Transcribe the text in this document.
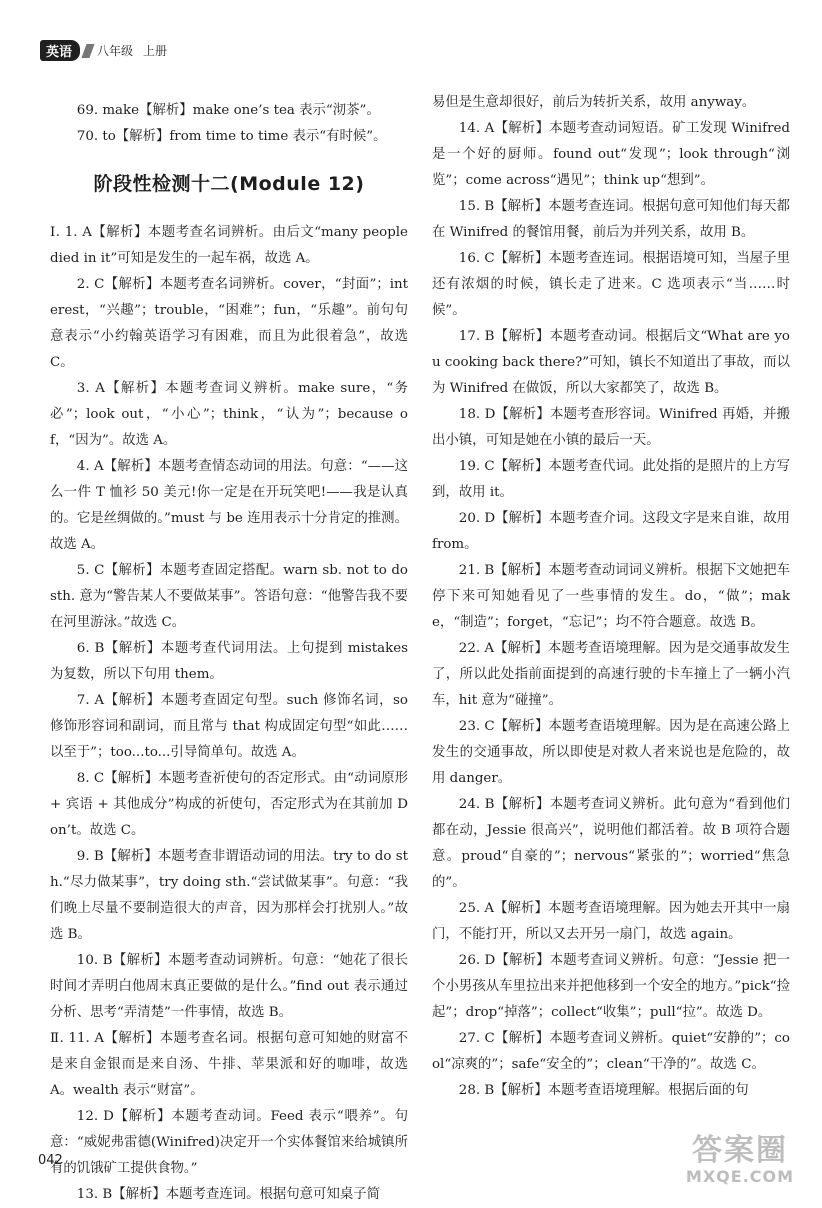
英语	八年级 上册

69. make【解析】make one’s tea 表示“沏茶”。

70. to【解析】from time to time 表示“有时候”。

阶段性检测十二(Module 12)

Ⅰ. 1. A【解析】本题考查名词辨析。由后文“many people died in it”可知是发生的一起车祸，故选 A。

2. C【解析】本题考查名词辨析。cover，“封面”；interest，“兴趣”；trouble，“困难”；fun，“乐趣”。前句句意表示“小约翰英语学习有困难，而且为此很着急”，故选 C。

3. A【解析】本题考查词义辨析。make sure，“务必”；look out，“小心”；think，“认为”；because of，“因为”。故选 A。

4. A【解析】本题考查情态动词的用法。句意：“——这么一件 T 恤衫 50 美元!你一定是在开玩笑吧!——我是认真的。它是丝绸做的。”must 与 be 连用表示十分肯定的推测。故选 A。

5. C【解析】本题考查固定搭配。warn sb. not to do sth. 意为“警告某人不要做某事”。答语句意：“他警告我不要在河里游泳。”故选 C。

6. B【解析】本题考查代词用法。上句提到 mistakes 为复数，所以下句用 them。

7. A【解析】本题考查固定句型。such 修饰名词，so 修饰形容词和副词，而且常与 that 构成固定句型“如此……以至于”；too...to...引导简单句。故选 A。

8. C【解析】本题考查祈使句的否定形式。由“动词原形 + 宾语 + 其他成分”构成的祈使句，否定形式为在其前加 Don’t。故选 C。

9. B【解析】本题考查非谓语动词的用法。try to do sth.“尽力做某事”，try doing sth.“尝试做某事”。句意：“我们晚上尽量不要制造很大的声音，因为那样会打扰别人。”故选 B。

10. B【解析】本题考查动词辨析。句意：“她花了很长时间才弄明白他周末真正要做的是什么。”find out 表示通过分析、思考“弄清楚”一件事情，故选 B。

Ⅱ. 11. A【解析】本题考查名词。根据句意可知她的财富不是来自金银而是来自汤、牛排、苹果派和好的咖啡，故选 A。wealth 表示“财富”。

12. D【解析】本题考查动词。Feed 表示“喂养”。句意：“威妮弗雷德(Winifred)决定开一个实体餐馆来给城镇所有的饥饿矿工提供食物。”

13. B【解析】本题考查连词。根据句意可知桌子简

易但是生意却很好，前后为转折关系，故用 anyway。

14. A【解析】本题考查动词短语。矿工发现 Winifred 是一个好的厨师。found out“发现”；look through“浏览”；come across“遇见”；think up“想到”。

15. B【解析】本题考查连词。根据句意可知他们每天都在 Winifred 的餐馆用餐，前后为并列关系，故用 B。

16. C【解析】本题考查连词。根据语境可知，当屋子里还有浓烟的时候，镇长走了进来。C 选项表示“当……时候”。

17. B【解析】本题考查动词。根据后文“What are you cooking back there?”可知，镇长不知道出了事故，而以为 Winifred 在做饭，所以大家都笑了，故选 B。

18. D【解析】本题考查形容词。Winifred 再婚，并搬出小镇，可知是她在小镇的最后一天。

19. C【解析】本题考查代词。此处指的是照片的上方写到，故用 it。

20. D【解析】本题考查介词。这段文字是来自谁，故用 from。

21. B【解析】本题考查动词词义辨析。根据下文她把车停下来可知她看见了一些事情的发生。do，“做”；make，“制造”；forget，“忘记”；均不符合题意。故选 B。

22. A【解析】本题考查语境理解。因为是交通事故发生了，所以此处指前面提到的高速行驶的卡车撞上了一辆小汽车，hit 意为“碰撞”。

23. C【解析】本题考查语境理解。因为是在高速公路上发生的交通事故，所以即使是对救人者来说也是危险的，故用 danger。

24. B【解析】本题考查词义辨析。此句意为“看到他们都在动，Jessie 很高兴”，说明他们都活着。故 B 项符合题意。proud“自豪的”；nervous“紧张的”；worried“焦急的”。

25. A【解析】本题考查语境理解。因为她去开其中一扇门，不能打开，所以又去开另一扇门，故选 again。

26. D【解析】本题考查词义辨析。句意：“Jessie 把一个小男孩从车里拉出来并把他移到一个安全的地方。”pick“捡起”；drop“掉落”；collect“收集”；pull“拉”。故选 D。

27. C【解析】本题考查词义辨析。quiet“安静的”；cool“凉爽的”；safe“安全的”；clean“干净的”。故选 C。

28. B【解析】本题考查语境理解。根据后面的句

042	答案圈
MXQE.COM
